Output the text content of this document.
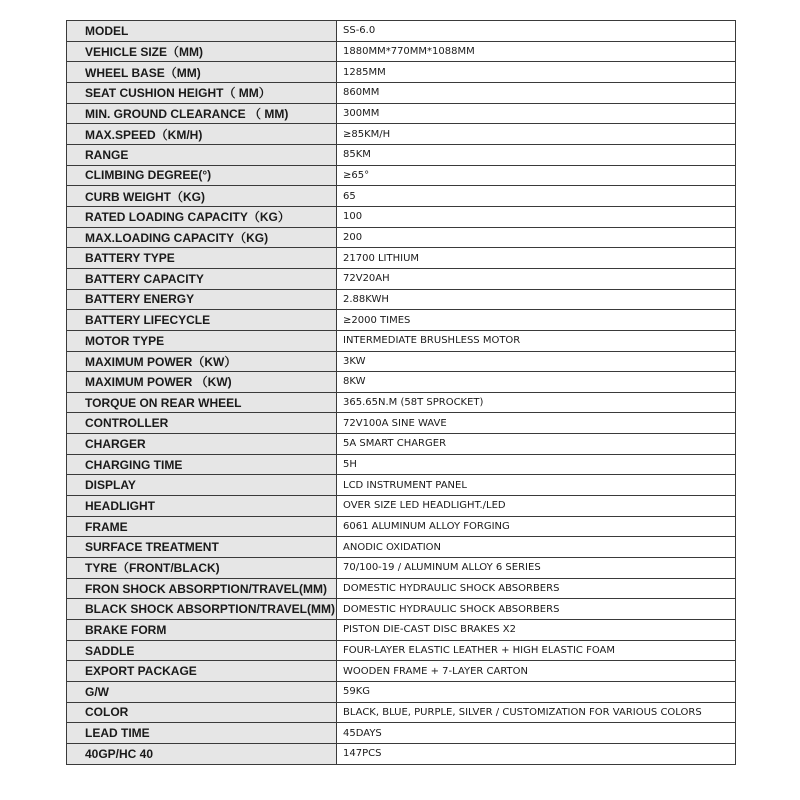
MODEL	SS-6.0
VEHICLE SIZE（MM)	1880MM*770MM*1088MM
WHEEL BASE（MM)	1285MM
SEAT CUSHION HEIGHT（ MM）	860MM
MIN. GROUND CLEARANCE （ MM)	300MM
MAX.SPEED（KM/H)	≥85KM/H
RANGE	85KM
CLIMBING DEGREE(°)	≥65°
CURB WEIGHT（KG)	65
RATED LOADING CAPACITY（KG）	100
MAX.LOADING CAPACITY（KG)	200
BATTERY TYPE	21700 LITHIUM
BATTERY CAPACITY	72V20AH
BATTERY ENERGY	2.88KWH
BATTERY LIFECYCLE	≥2000 TIMES
MOTOR TYPE	INTERMEDIATE BRUSHLESS MOTOR
MAXIMUM POWER（KW）	3KW
MAXIMUM POWER （KW)	8KW
TORQUE ON REAR WHEEL	365.65N.M (58T SPROCKET)
CONTROLLER	72V100A SINE WAVE
CHARGER	5A SMART CHARGER
CHARGING TIME	5H
DISPLAY	LCD INSTRUMENT PANEL
HEADLIGHT	OVER SIZE LED HEADLIGHT./LED
FRAME	6061 ALUMINUM ALLOY FORGING
SURFACE TREATMENT	ANODIC OXIDATION
TYRE（FRONT/BLACK)	70/100-19 / ALUMINUM ALLOY 6 SERIES
FRON SHOCK ABSORPTION/TRAVEL(MM)	DOMESTIC HYDRAULIC SHOCK ABSORBERS
BLACK SHOCK ABSORPTION/TRAVEL(MM)	DOMESTIC HYDRAULIC SHOCK ABSORBERS
BRAKE FORM	PISTON DIE-CAST DISC BRAKES X2
SADDLE	FOUR-LAYER ELASTIC LEATHER + HIGH ELASTIC FOAM
EXPORT PACKAGE	WOODEN FRAME + 7-LAYER CARTON
G/W	59KG
COLOR	BLACK, BLUE, PURPLE, SILVER / CUSTOMIZATION FOR VARIOUS COLORS
LEAD TIME	45DAYS
40GP/HC 40	147PCS
